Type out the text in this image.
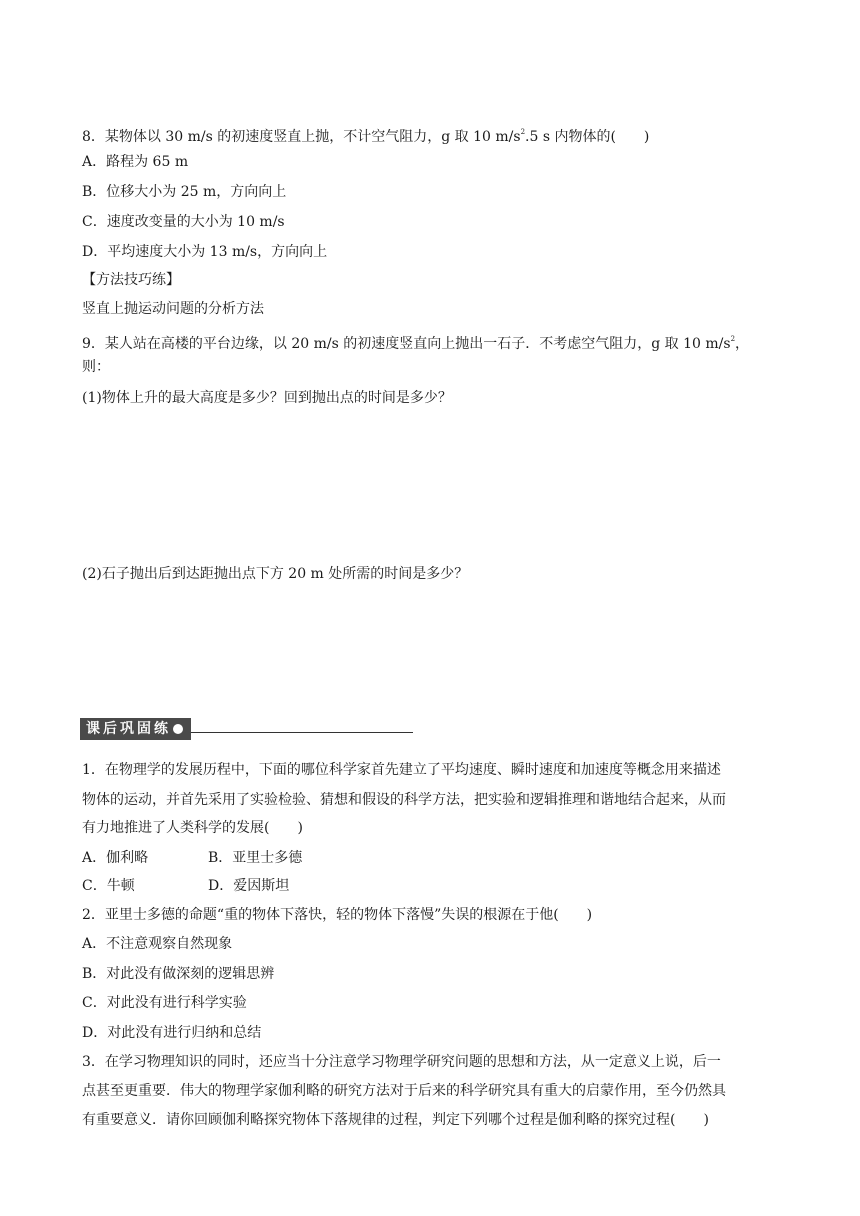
8．某物体以 30 m/s 的初速度竖直上抛，不计空气阻力，g 取 10 $m/s^2.5$ s 内物体的(　　)
A．路程为 65 m
B．位移大小为 25 m，方向向上
C．速度改变量的大小为 10 m/s
D．平均速度大小为 13 m/s，方向向上
【方法技巧练】
竖直上抛运动问题的分析方法
9．某人站在高楼的平台边缘，以 20 m/s 的初速度竖直向上抛出一石子．不考虑空气阻力，g 取 10 $m/s^2$，
则：
(1)物体上升的最大高度是多少？回到抛出点的时间是多少？
(2)石子抛出后到达距抛出点下方 20 m 处所需的时间是多少？
课后巩固练
1．在物理学的发展历程中，下面的哪位科学家首先建立了平均速度、瞬时速度和加速度等概念用来描述
物体的运动，并首先采用了实验检验、猜想和假设的科学方法，把实验和逻辑推理和谐地结合起来，从而
有力地推进了人类科学的发展(　　)
A．伽利略	B．亚里士多德
C．牛顿	D．爱因斯坦
2．亚里士多德的命题“重的物体下落快，轻的物体下落慢”失误的根源在于他(　　)
A．不注意观察自然现象
B．对此没有做深刻的逻辑思辨
C．对此没有进行科学实验
D．对此没有进行归纳和总结
3．在学习物理知识的同时，还应当十分注意学习物理学研究问题的思想和方法，从一定意义上说，后一
点甚至更重要．伟大的物理学家伽利略的研究方法对于后来的科学研究具有重大的启蒙作用，至今仍然具
有重要意义．请你回顾伽利略探究物体下落规律的过程，判定下列哪个过程是伽利略的探究过程(　　)
